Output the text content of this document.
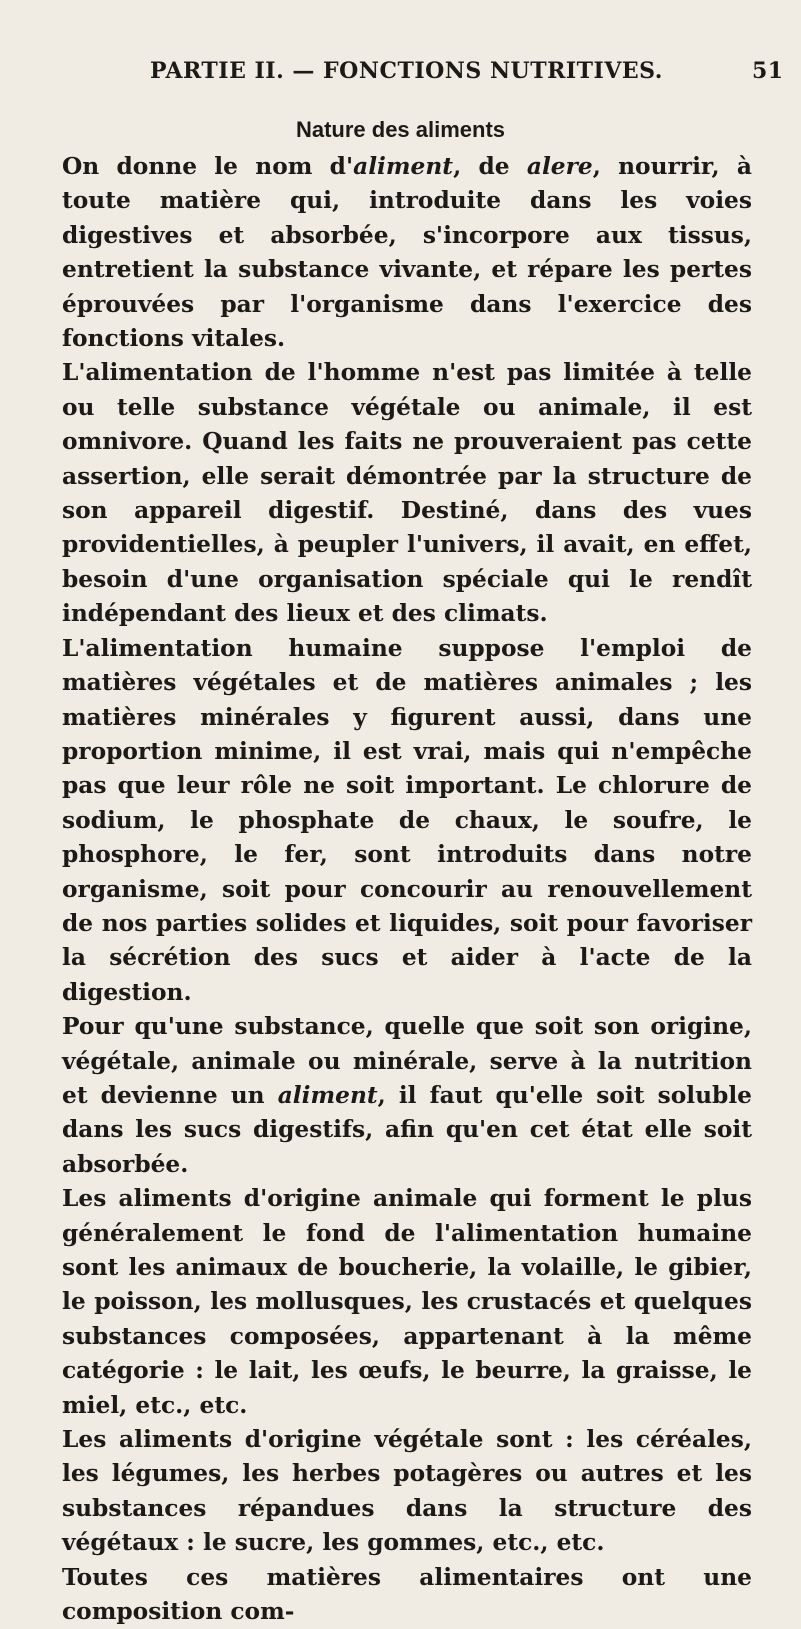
PARTIE II. — FONCTIONS NUTRITIVES.	51
Nature des aliments

On donne le nom d'aliment, de alere, nourrir, à toute matière qui, introduite dans les voies digestives et absorbée, s'incorpore aux tissus, entretient la substance vivante, et répare les pertes éprouvées par l'organisme dans l'exercice des fonctions vitales.

L'alimentation de l'homme n'est pas limitée à telle ou telle substance végétale ou animale, il est omnivore. Quand les faits ne prouveraient pas cette assertion, elle serait démontrée par la structure de son appareil digestif. Destiné, dans des vues providentielles, à peupler l'univers, il avait, en effet, besoin d'une organisation spéciale qui le rendît indépendant des lieux et des climats.

L'alimentation humaine suppose l'emploi de matières végétales et de matières animales ; les matières minérales y figurent aussi, dans une proportion minime, il est vrai, mais qui n'empêche pas que leur rôle ne soit important. Le chlorure de sodium, le phosphate de chaux, le soufre, le phosphore, le fer, sont introduits dans notre organisme, soit pour concourir au renouvellement de nos parties solides et liquides, soit pour favoriser la sécrétion des sucs et aider à l'acte de la digestion.

Pour qu'une substance, quelle que soit son origine, végétale, animale ou minérale, serve à la nutrition et devienne un aliment, il faut qu'elle soit soluble dans les sucs digestifs, afin qu'en cet état elle soit absorbée.

Les aliments d'origine animale qui forment le plus généralement le fond de l'alimentation humaine sont les animaux de boucherie, la volaille, le gibier, le poisson, les mollusques, les crustacés et quelques substances composées, appartenant à la même catégorie : le lait, les œufs, le beurre, la graisse, le miel, etc., etc.

Les aliments d'origine végétale sont : les céréales, les légumes, les herbes potagères ou autres et les substances répandues dans la structure des végétaux : le sucre, les gommes, etc., etc.

Toutes ces matières alimentaires ont une composition com-
